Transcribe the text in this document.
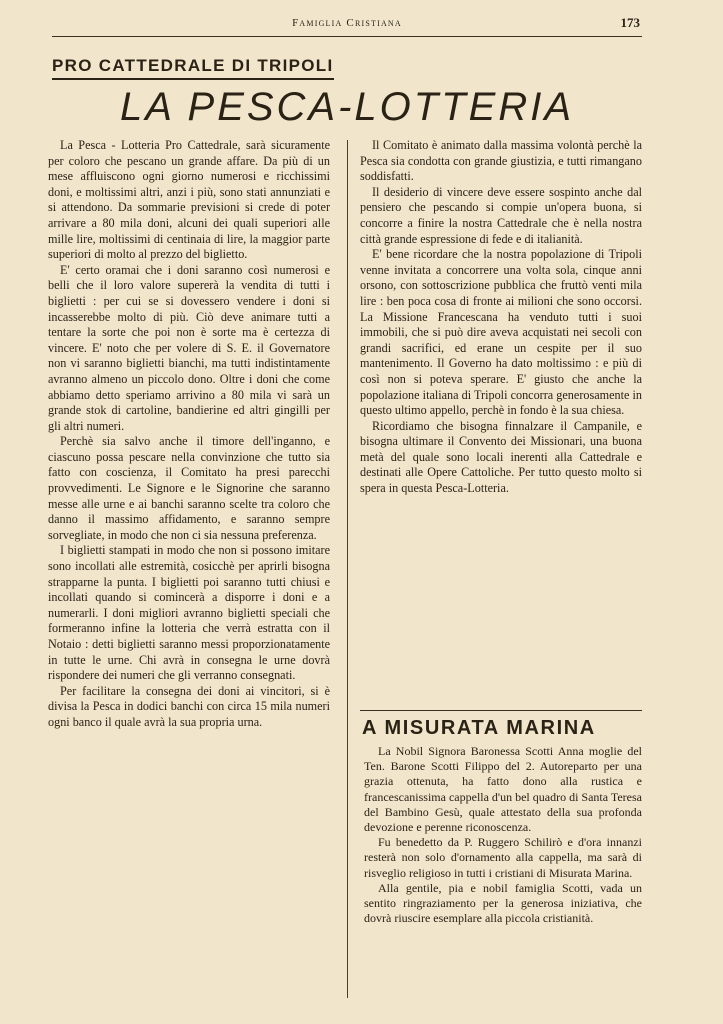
Famiglia Cristiana	173
PRO CATTEDRALE DI TRIPOLI
LA PESCA-LOTTERIA

La Pesca - Lotteria Pro Cattedrale, sarà sicuramente per coloro che pescano un grande affare. Da più di un mese affluiscono ogni giorno numerosi e ricchissimi doni, e moltissimi altri, anzi i più, sono stati annunziati e si attendono. Da sommarie previsioni si crede di poter arrivare a 80 mila doni, alcuni dei quali superiori alle mille lire, moltissimi di centinaia di lire, la maggior parte superiori di molto al prezzo del biglietto.

E' certo oramai che i doni saranno così numerosi e belli che il loro valore supererà la vendita di tutti i biglietti : per cui se si dovessero vendere i doni si incasserebbe molto di più. Ciò deve animare tutti a tentare la sorte che poi non è sorte ma è certezza di vincere. E' noto che per volere di S. E. il Governatore non vi saranno biglietti bianchi, ma tutti indistintamente avranno almeno un piccolo dono. Oltre i doni che come abbiamo detto speriamo arrivino a 80 mila vi sarà un grande stok di cartoline, bandierine ed altri gingilli per gli altri numeri.

Perchè sia salvo anche il timore dell'inganno, e ciascuno possa pescare nella convinzione che tutto sia fatto con coscienza, il Comitato ha presi parecchi provvedimenti. Le Signore e le Signorine che saranno messe alle urne e ai banchi saranno scelte tra coloro che danno il massimo affidamento, e saranno sempre sorvegliate, in modo che non ci sia nessuna preferenza.

I biglietti stampati in modo che non si possono imitare sono incollati alle estremità, cosicchè per aprirli bisogna strapparne la punta. I biglietti poi saranno tutti chiusi e incollati quando si comincerà a disporre i doni e a numerarli. I doni migliori avranno biglietti speciali che formeranno infine la lotteria che verrà estratta con il Notaio : detti biglietti saranno messi proporzionatamente in tutte le urne. Chi avrà in consegna le urne dovrà rispondere dei numeri che gli verranno consegnati.

Per facilitare la consegna dei doni ai vincitori, si è divisa la Pesca in dodici banchi con circa 15 mila numeri ogni banco il quale avrà la sua propria urna.

Il Comitato è animato dalla massima volontà perchè la Pesca sia condotta con grande giustizia, e tutti rimangano soddisfatti.

Il desiderio di vincere deve essere sospinto anche dal pensiero che pescando si compie un'opera buona, si concorre a finire la nostra Cattedrale che è nella nostra città grande espressione di fede e di italianità.

E' bene ricordare che la nostra popolazione di Tripoli venne invitata a concorrere una volta sola, cinque anni orsono, con sottoscrizione pubblica che fruttò venti mila lire : ben poca cosa di fronte ai milioni che sono occorsi. La Missione Francescana ha venduto tutti i suoi immobili, che si può dire aveva acquistati nei secoli con grandi sacrifici, ed erane un cespite per il suo mantenimento. Il Governo ha dato moltissimo : e più di così non si poteva sperare. E' giusto che anche la popolazione italiana di Tripoli concorra generosamente in questo ultimo appello, perchè in fondo è la sua chiesa.

Ricordiamo che bisogna finnalzare il Campanile, e bisogna ultimare il Convento dei Missionari, una buona metà del quale sono locali inerenti alla Cattedrale e destinati alle Opere Cattoliche. Per tutto questo molto si spera in questa Pesca-Lotteria.

A MISURATA MARINA

La Nobil Signora Baronessa Scotti Anna moglie del Ten. Barone Scotti Filippo del 2. Autoreparto per una grazia ottenuta, ha fatto dono alla rustica e francescanissima cappella d'un bel quadro di Santa Teresa del Bambino Gesù, quale attestato della sua profonda devozione e perenne riconoscenza.

Fu benedetto da P. Ruggero Schilirò e d'ora innanzi resterà non solo d'ornamento alla cappella, ma sarà di risveglio religioso in tutti i cristiani di Misurata Marina.

Alla gentile, pia e nobil famiglia Scotti, vada un sentito ringraziamento per la generosa iniziativa, che dovrà riuscire esemplare alla piccola cristianità.
